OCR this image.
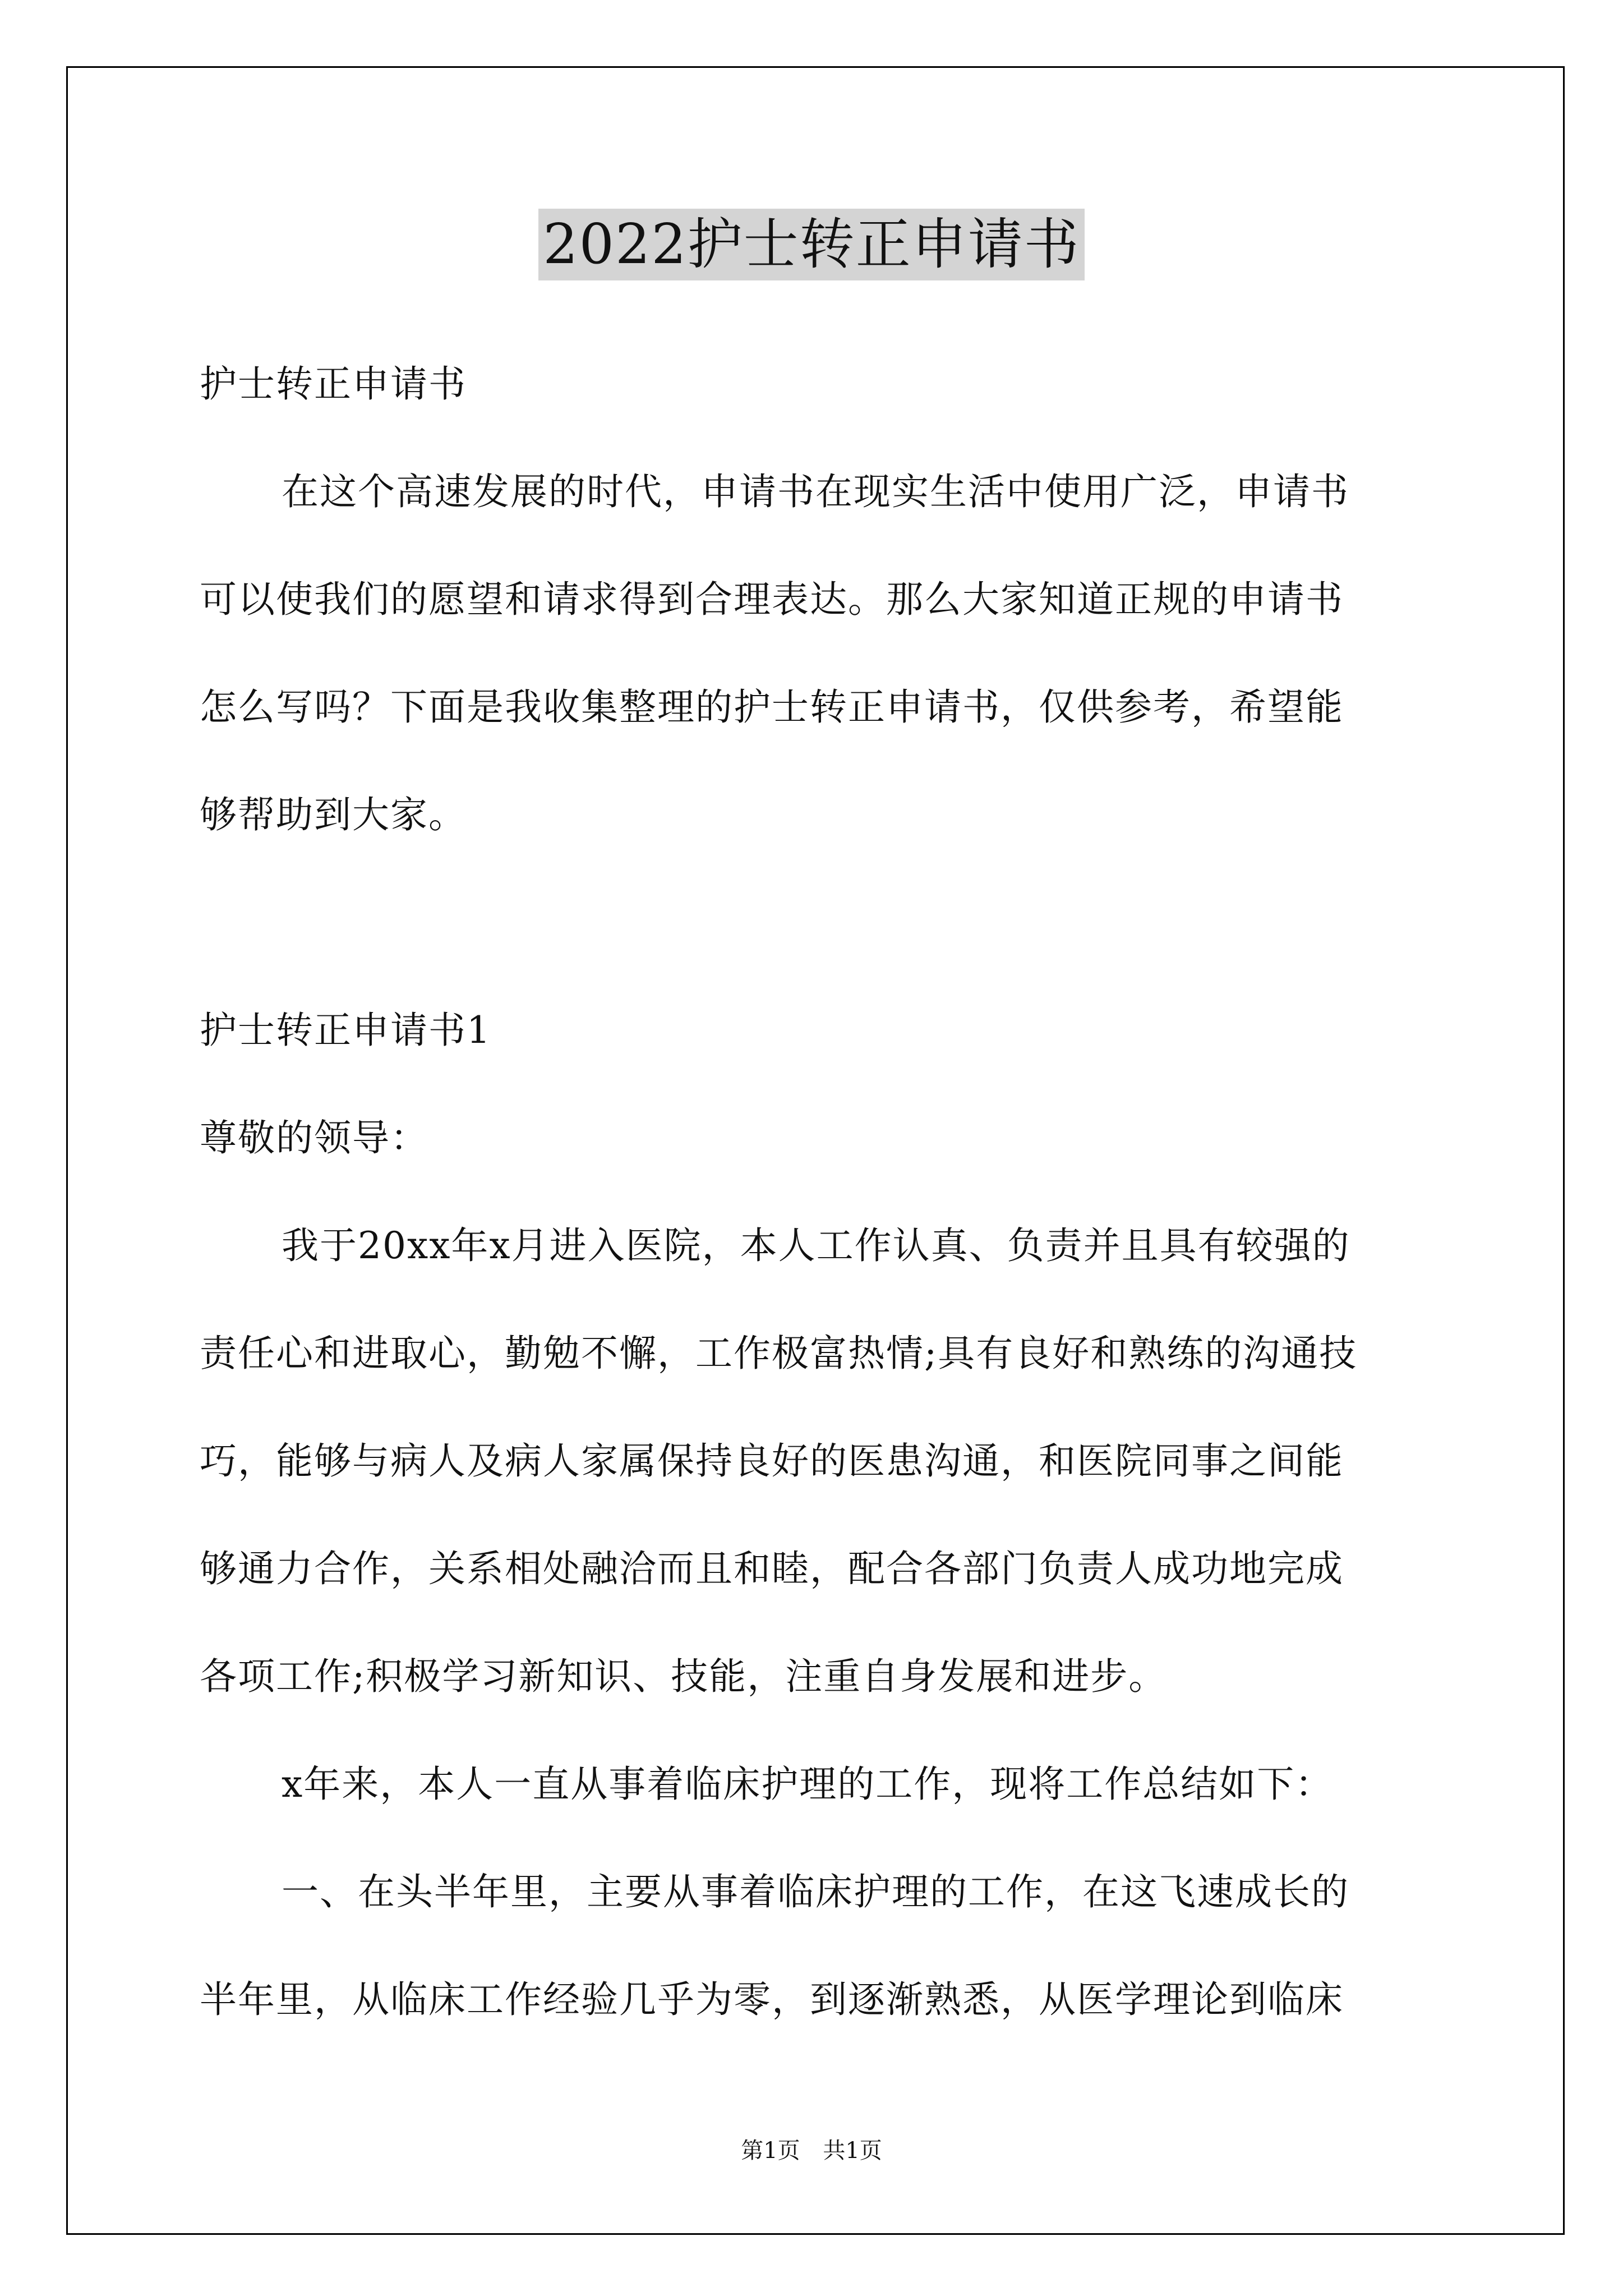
2022护士转正申请书
护士转正申请书
在这个高速发展的时代，申请书在现实生活中使用广泛，申请书
可以使我们的愿望和请求得到合理表达。那么大家知道正规的申请书
怎么写吗？下面是我收集整理的护士转正申请书，仅供参考，希望能
够帮助到大家。
护士转正申请书1
尊敬的领导：
我于20xx年x月进入医院，本人工作认真、负责并且具有较强的
责任心和进取心，勤勉不懈，工作极富热情;具有良好和熟练的沟通技
巧，能够与病人及病人家属保持良好的医患沟通，和医院同事之间能
够通力合作，关系相处融洽而且和睦，配合各部门负责人成功地完成
各项工作;积极学习新知识、技能，注重自身发展和进步。
x年来，本人一直从事着临床护理的工作，现将工作总结如下：
一、在头半年里，主要从事着临床护理的工作，在这飞速成长的
半年里，从临床工作经验几乎为零，到逐渐熟悉，从医学理论到临床
第1页 共1页
